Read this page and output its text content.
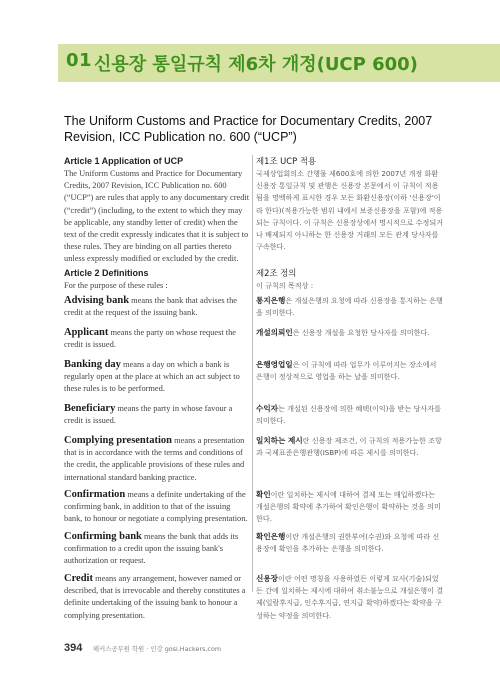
01 신용장 통일규칙 제6차 개정(UCP 600)
The Uniform Customs and Practice for Documentary Credits, 2007 Revision, ICC Publication no. 600 (“UCP”)
Article 1 Application of UCP
The Uniform Customs and Practice for Documentary Credits, 2007 Revision, ICC Publication no. 600 (“UCP”) are rules that apply to any documentary credit (“credit”) (including, to the extent to which they may be applicable, any standby letter of credit) when the text of the credit expressly indicates that it is subject to these rules. They are binding on all parties thereto unless expressly modified or excluded by the credit.
Article 2 Definitions
For the purpose of these rules :
Advising bank means the bank that advises the credit at the request of the issuing bank.
Applicant means the party on whose request the credit is issued.
Banking day means a day on which a bank is regularly open at the place at which an act subject to these rules is to be performed.
Beneficiary means the party in whose favour a credit is issued.
Complying presentation means a presentation that is in accordance with the terms and conditions of the credit, the applicable provisions of these rules and international standard banking practice.
Confirmation means a definite undertaking of the confirming bank, in addition to that of the issuing bank, to honour or negotiate a complying presentation.
Confirming bank means the bank that adds its confirmation to a credit upon the issuing bank's authorization or request.
Credit means any arrangement, however named or described, that is irrevocable and thereby constitutes a definite undertaking of the issuing bank to honour a complying presentation.
제1조 UCP 적용
국제상업회의소 간행물 제600호에 의한 2007년 개정 화환신용장 통일규칙 및 관행은 신용장 본문에서 이 규칙이 적용됨을 명백하게 표시한 경우 모든 화환신용장(이하 '신용장'이라 한다)(적용가능한 범위 내에서 보증신용장을 포함)에 적용되는 규칙이다. 이 규칙은 신용장상에서 명시적으로 수정되거나 배제되지 아니하는 한 신용장 거래의 모든 관계 당사자를 구속한다.
제2조 정의
이 규칙의 목적상 :
통지은행은 개설은행의 요청에 따라 신용장을 통지하는 은행을 의미한다.
개설의뢰인은 신용장 개설을 요청한 당사자를 의미한다.
은행영업일은 이 규칙에 따라 업무가 이루어지는 장소에서 은행이 정상적으로 영업을 하는 날을 의미한다.
수익자는 개설된 신용장에 의한 혜택(이익)을 받는 당사자를 의미한다.
일치하는 제시란 신용장 제조건, 이 규칙의 적용가능한 조항과 국제표준은행관행(ISBP)에 따른 제시를 의미한다.
확인이란 일치하는 제시에 대하여 결제 또는 매입하겠다는 개설은행의 확약에 추가하여 확인은행이 확약하는 것을 의미한다.
확인은행이란 개설은행의 권한부여(수권)와 요청에 따라 신용장에 확인을 추가하는 은행을 의미한다.
신용장이란 어떤 명칭을 사용하였든 이렇게 묘사(기술)되었든 간에 일치하는 제시에 대하여 취소불능으로 개설은행이 결제(일람후지급, 인수후지급, 연지급 확약)하겠다는 확약을 구성하는 약정을 의미한다.
394 해커스공무원 학원 · 인강 gosi.Hackers.com
